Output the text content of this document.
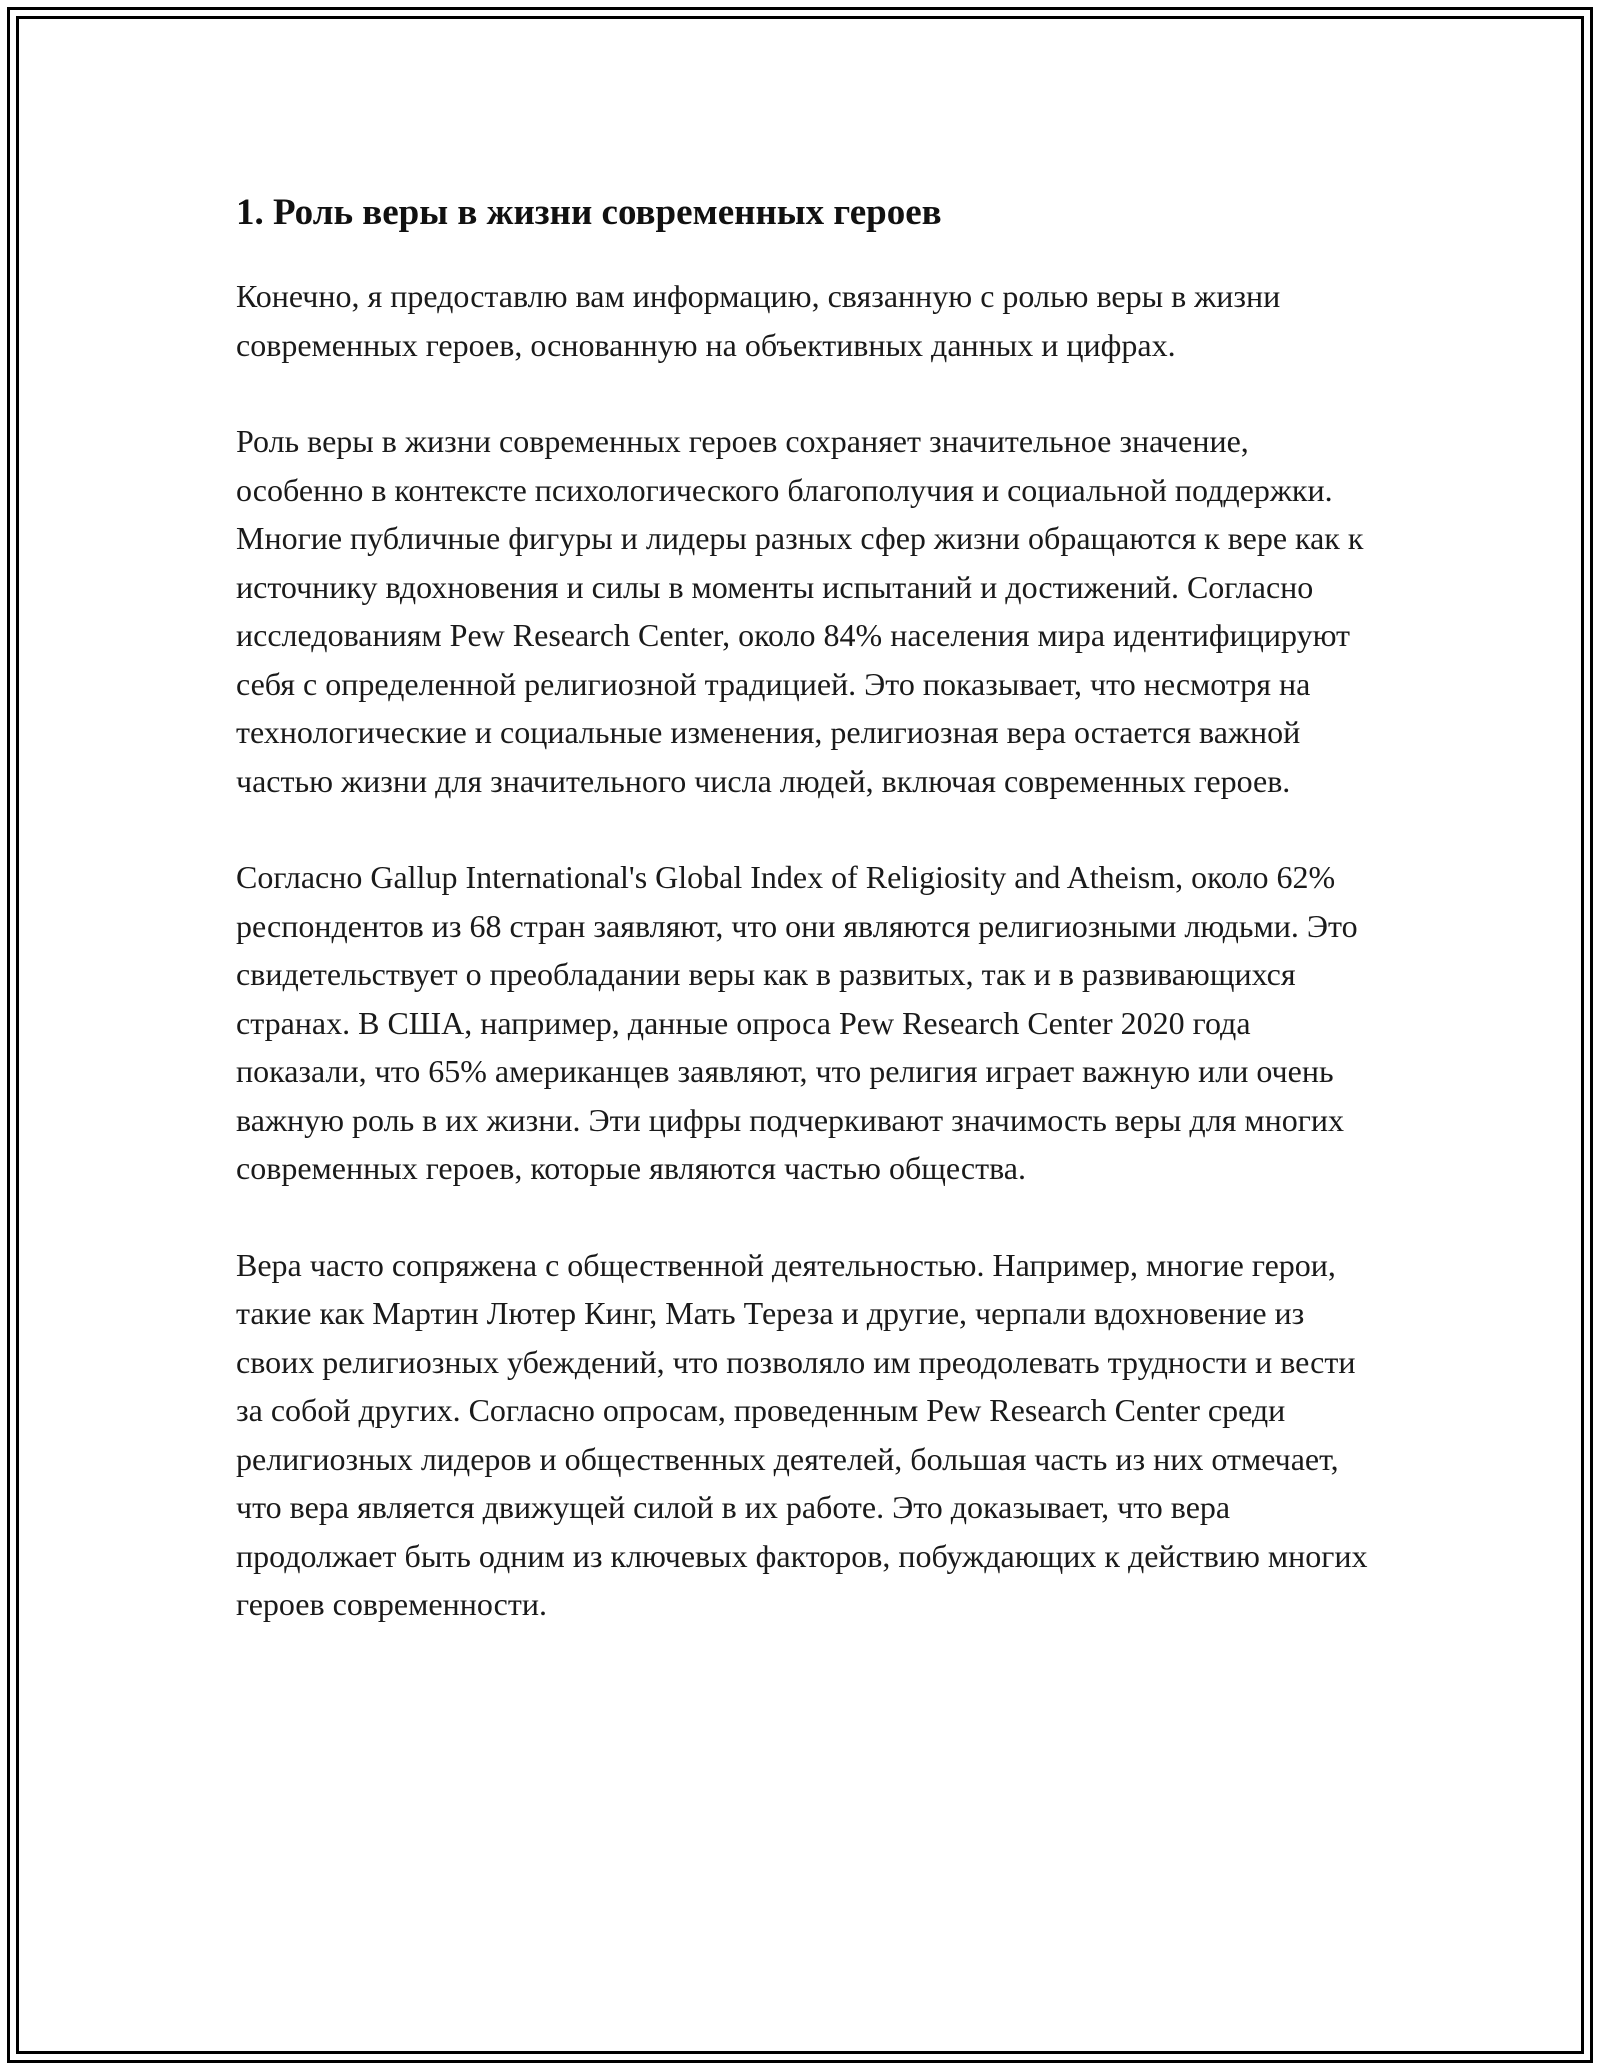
1. Роль веры в жизни современных героев

Конечно, я предоставлю вам информацию, связанную с ролью веры в жизни современных героев, основанную на объективных данных и цифрах.

Роль веры в жизни современных героев сохраняет значительное значение, особенно в контексте психологического благополучия и социальной поддержки. Многие публичные фигуры и лидеры разных сфер жизни обращаются к вере как к источнику вдохновения и силы в моменты испытаний и достижений. Согласно исследованиям Pew Research Center, около 84% населения мира идентифицируют себя с определенной религиозной традицией. Это показывает, что несмотря на технологические и социальные изменения, религиозная вера остается важной частью жизни для значительного числа людей, включая современных героев.

Согласно Gallup International's Global Index of Religiosity and Atheism, около 62% респондентов из 68 стран заявляют, что они являются религиозными людьми. Это свидетельствует о преобладании веры как в развитых, так и в развивающихся странах. В США, например, данные опроса Pew Research Center 2020 года показали, что 65% американцев заявляют, что религия играет важную или очень важную роль в их жизни. Эти цифры подчеркивают значимость веры для многих современных героев, которые являются частью общества.

Вера часто сопряжена с общественной деятельностью. Например, многие герои, такие как Мартин Лютер Кинг, Мать Тереза и другие, черпали вдохновение из своих религиозных убеждений, что позволяло им преодолевать трудности и вести за собой других. Согласно опросам, проведенным Pew Research Center среди религиозных лидеров и общественных деятелей, большая часть из них отмечает, что вера является движущей силой в их работе. Это доказывает, что вера продолжает быть одним из ключевых факторов, побуждающих к действию многих героев современности.
